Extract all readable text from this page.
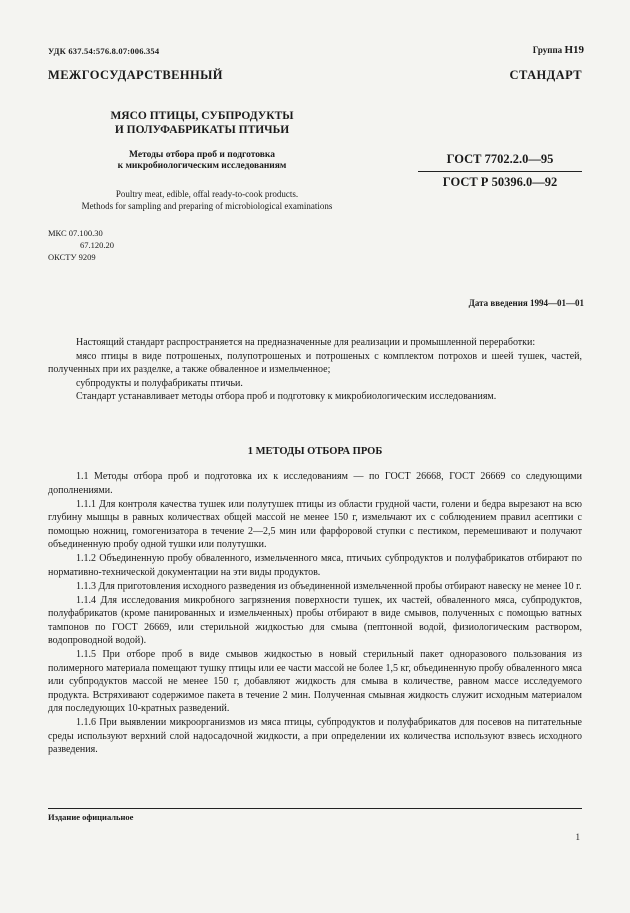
УДК 637.54:576.8.07:006.354	Группа Н19
МЕЖГОСУДАРСТВЕННЫЙ СТАНДАРТ
МЯСО ПТИЦЫ, СУБПРОДУКТЫ
И ПОЛУФАБРИКАТЫ ПТИЧЬИ
Методы отбора проб и подготовка
к микробиологическим исследованиям
Poultry meat, edible, offal ready-to-cook products.
Methods for sampling and preparing of microbiological examinations
ГОСТ 7702.2.0—95
ГОСТ Р 50396.0—92
МКС 07.100.30
67.120.20
ОКСТУ 9209
Дата введения 1994—01—01

Настоящий стандарт распространяется на предназначенные для реализации и промышленной переработки:

мясо птицы в виде потрошеных, полупотрошеных и потрошеных с комплектом потрохов и шеей тушек, частей, полученных при их разделке, а также обваленное и измельченное;

субпродукты и полуфабрикаты птичьи.

Стандарт устанавливает методы отбора проб и подготовку к микробиологическим исследованиям.

1 МЕТОДЫ ОТБОРА ПРОБ

1.1 Методы отбора проб и подготовка их к исследованиям — по ГОСТ 26668, ГОСТ 26669 со следующими дополнениями.

1.1.1 Для контроля качества тушек или полутушек птицы из области грудной части, голени и бедра вырезают на всю глубину мышцы в равных количествах общей массой не менее 150 г, измельчают их с соблюдением правил асептики с помощью ножниц, гомогенизатора в течение 2—2,5 мин или фарфоровой ступки с пестиком, перемешивают и получают объединенную пробу одной тушки или полутушки.

1.1.2 Объединенную пробу обваленного, измельченного мяса, птичьих субпродуктов и полуфабрикатов отбирают по нормативно-технической документации на эти виды продуктов.

1.1.3 Для приготовления исходного разведения из объединенной измельченной пробы отбирают навеску не менее 10 г.

1.1.4 Для исследования микробного загрязнения поверхности тушек, их частей, обваленного мяса, субпродуктов, полуфабрикатов (кроме панированных и измельченных) пробы отбирают в виде смывов, полученных с помощью ватных тампонов по ГОСТ 26669, или стерильной жидкостью для смыва (пептонной водой, физиологическим раствором, водопроводной водой).

1.1.5 При отборе проб в виде смывов жидкостью в новый стерильный пакет одноразового пользования из полимерного материала помещают тушку птицы или ее части массой не более 1,5 кг, объединенную пробу обваленного мяса или субпродуктов массой не менее 150 г, добавляют жидкость для смыва в количестве, равном массе исследуемого продукта. Встряхивают содержимое пакета в течение 2 мин. Полученная смывная жидкость служит исходным материалом для последующих 10-кратных разведений.

1.1.6 При выявлении микроорганизмов из мяса птицы, субпродуктов и полуфабрикатов для посевов на питательные среды используют верхний слой надосадочной жидкости, а при определении их количества используют взвесь исходного разведения.

Издание официальное
1
